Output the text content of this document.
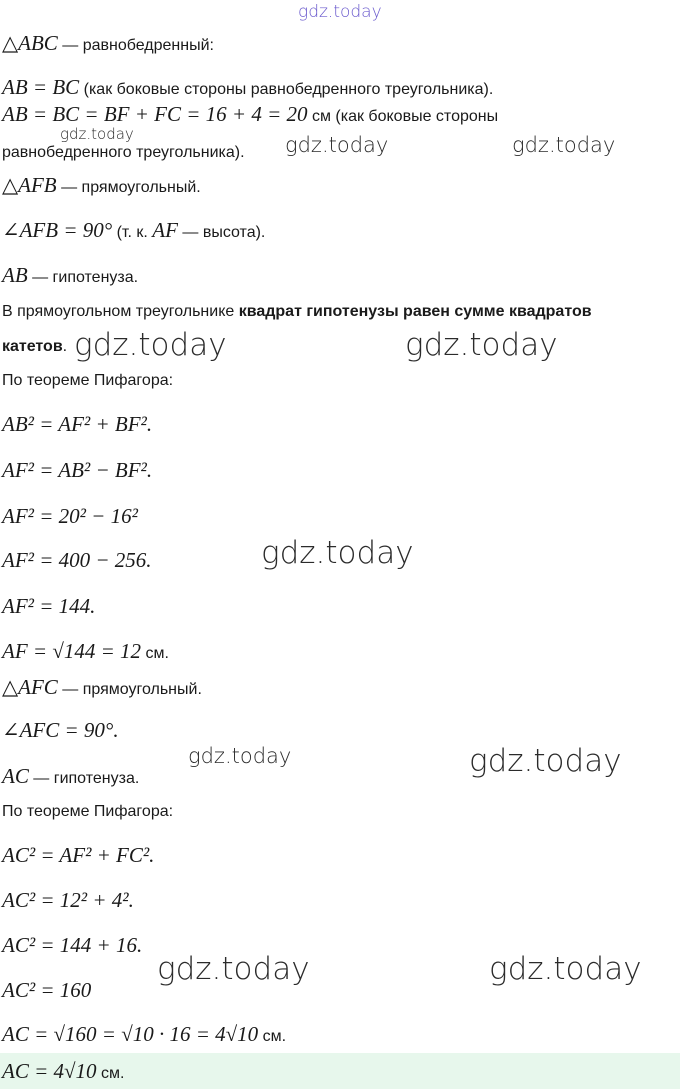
gdz.today
gdz.today	gdz.today	gdz.today
gdz.today	gdz.today
gdz.today
gdz.today	gdz.today
gdz.today	gdz.today
△ABC — равнобедренный:
AB = BC (как боковые стороны равнобедренного треугольника).
AB = BC = BF + FC = 16 + 4 = 20 см (как боковые стороны
равнобедренного треугольника).
△AFB — прямоугольный.
∠AFB = 90° (т. к. AF — высота).
AB — гипотенуза.
В прямоугольном треугольнике квадрат гипотенузы равен сумме квадратов
катетов.
По теореме Пифагора:
AB² = AF² + BF².
AF² = AB² − BF².
AF² = 20² − 16²
AF² = 400 − 256.
AF² = 144.
AF = √144 = 12 см.
△AFC — прямоугольный.
∠AFC = 90°.
AC — гипотенуза.
По теореме Пифагора:
AC² = AF² + FC².
AC² = 12² + 4².
AC² = 144 + 16.
AC² = 160
AC = √160 = √10 · 16 = 4√10 см.
AC = 4√10 см.
